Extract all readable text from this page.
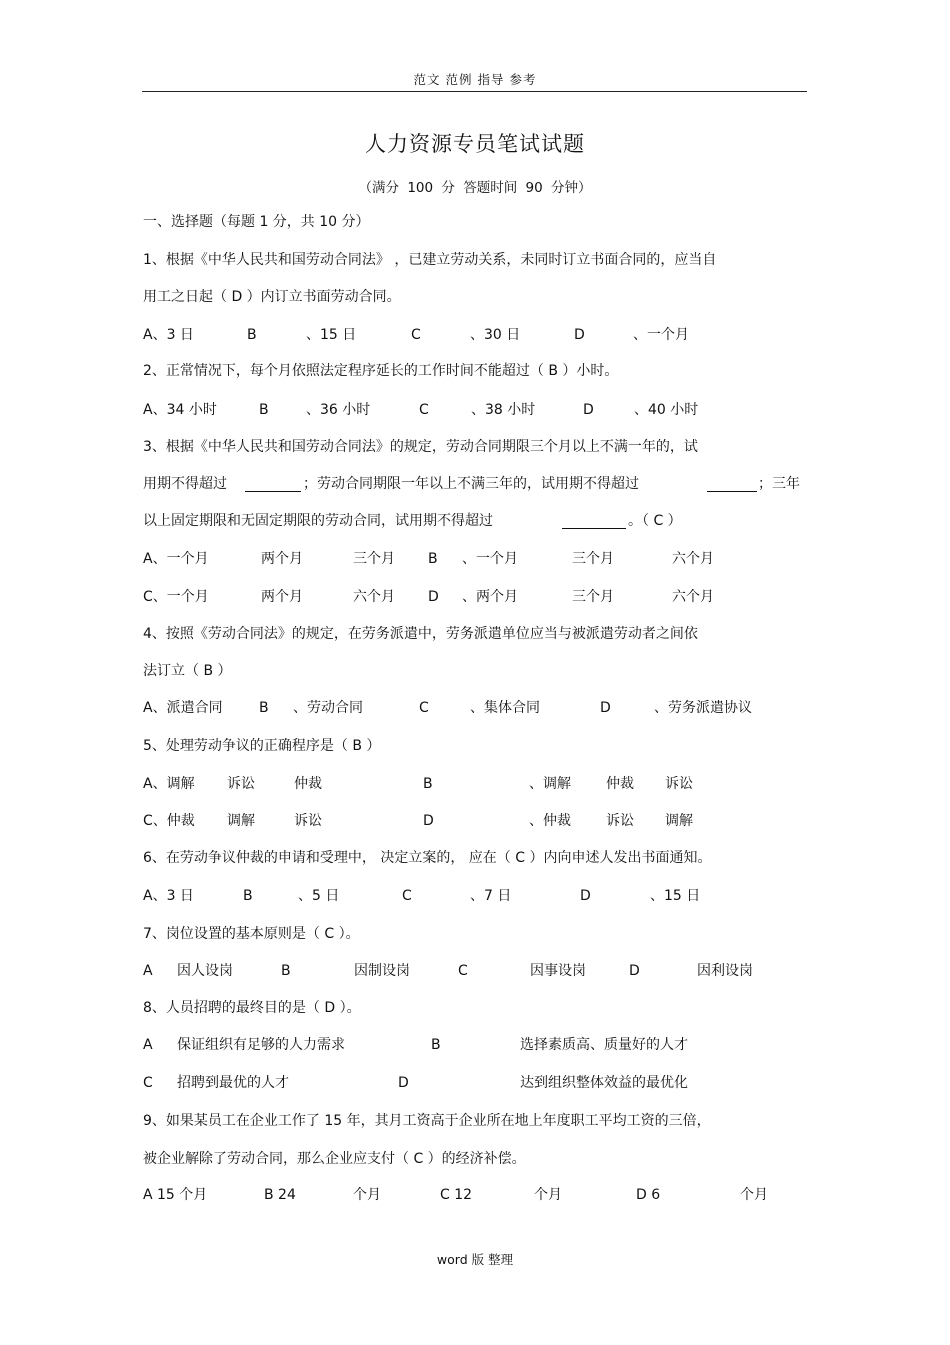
范文 范例 指导 参考
人力资源专员笔试试题
（满分 100 分 答题时间 90 分钟）
一、选择题（每题 1 分，共 10 分）
1、根据《中华人民共和国劳动合同法》 ，已建立劳动关系，未同时订立书面合同的，应当自
用工之日起（ D ）内订立书面劳动合同。
A、3 日	B	、15 日	C	、30 日	D	、一个月
2、正常情况下，每个月依照法定程序延长的工作时间不能超过（ B ）小时。
A、34 小时	B	、36 小时	C	、38 小时	D	、40 小时
3、根据《中华人民共和国劳动合同法》的规定，劳动合同期限三个月以上不满一年的，试
用期不得超过	；劳动合同期限一年以上不满三年的，试用期不得超过	；三年
以上固定期限和无固定期限的劳动合同，试用期不得超过	。（ C ）
A、一个月	两个月	三个月 B 、一个月	三个月	六个月
C、一个月	两个月	六个月 D 、两个月	三个月	六个月
4、按照《劳动合同法》的规定，在劳务派遣中，劳务派遣单位应当与被派遣劳动者之间依
法订立（ B ）
A、派遣合同	B 、劳动合同	C	、集体合同	D	、劳务派遣协议
5、处理劳动争议的正确程序是（ B ）
A、调解 诉讼	仲裁	B	、调解	仲裁 诉讼
C、仲裁 调解	诉讼	D	、仲裁	诉讼 调解
6、在劳动争议仲裁的申请和受理中， 决定立案的， 应在（ C ）内向申述人发出书面通知。
A、3 日	B	、5 日	C	、7 日	D	、15 日
7、岗位设置的基本原则是（ C ）。
A 因人设岗	B	因制设岗	C	因事设岗	D	因利设岗
8、人员招聘的最终目的是（ D ）。
A 保证组织有足够的人力需求	B	选择素质高、质量好的人才
C 招聘到最优的人才	D	达到组织整体效益的最优化
9、如果某员工在企业工作了 15 年，其月工资高于企业所在地上年度职工平均工资的三倍，
被企业解除了劳动合同，那么企业应支付（ C ）的经济补偿。
A 15 个月	B 24	个月	C 12	个月	D 6	个月
word 版 整理
